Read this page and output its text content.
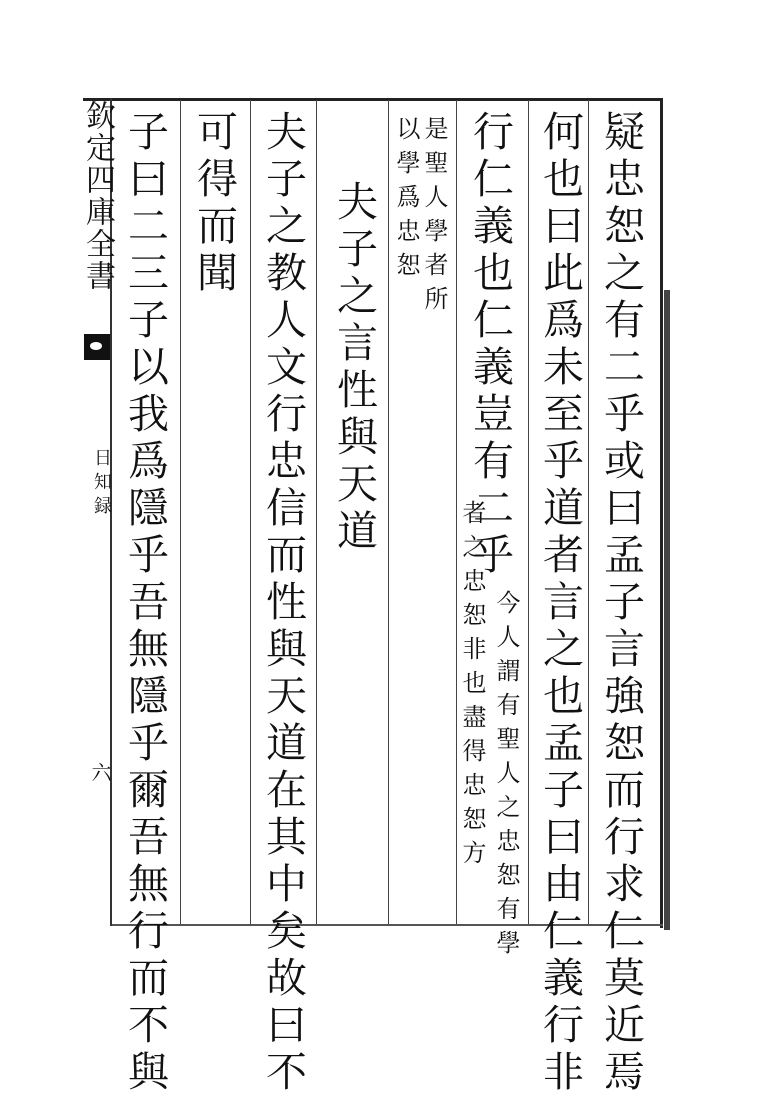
欽定四庫全書
日知録
六	疑忠恕之有二乎或曰孟子言強恕而行求仁莫近焉
何也曰此爲未至乎道者言之也孟子曰由仁義行非
行仁義也仁義豈有二乎
今人謂有聖人之忠恕有學
者之忠恕非也盡得忠恕方
是聖人學者所
以學爲忠恕
夫子之言性與天道
夫子之教人文行忠信而性與天道在其中矣故曰不
可得而聞
子曰二三子以我爲隱乎吾無隱乎爾吾無行而不與
